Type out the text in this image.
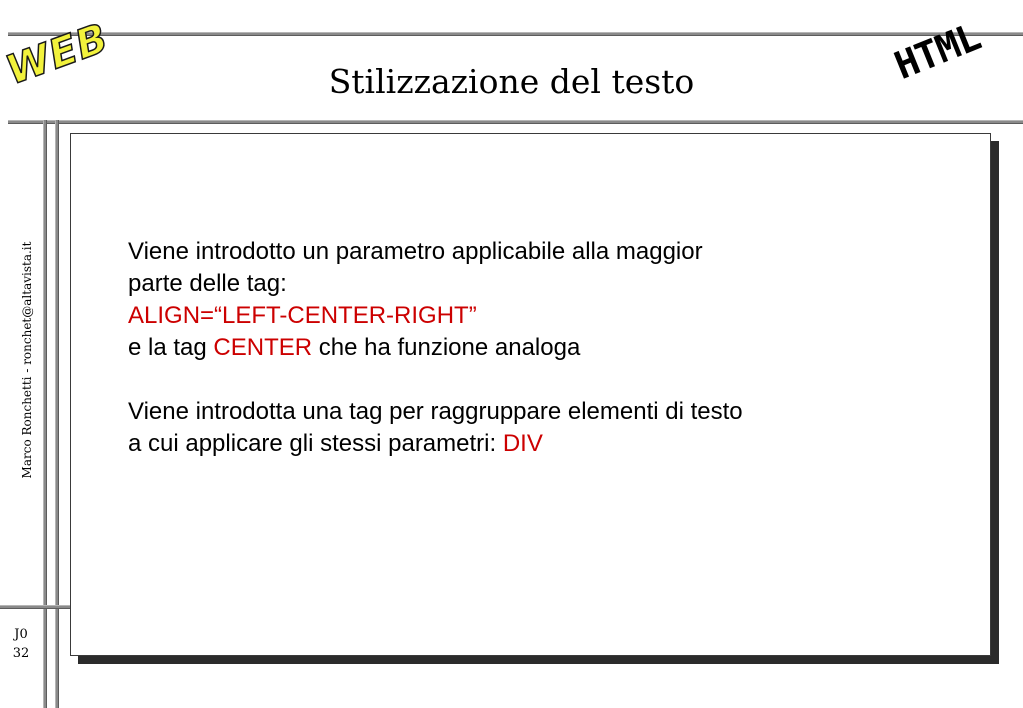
WEB	Stilizzazione del testo	HTML
Marco Ronchetti - ronchet@altavista.it
J0
32

Viene introdotto un parametro applicabile alla maggior

parte delle tag:

ALIGN=“LEFT-CENTER-RIGHT”

e la tag CENTER che ha funzione analoga

Viene introdotta una tag per raggruppare elementi di testo

a cui applicare gli stessi parametri: DIV
